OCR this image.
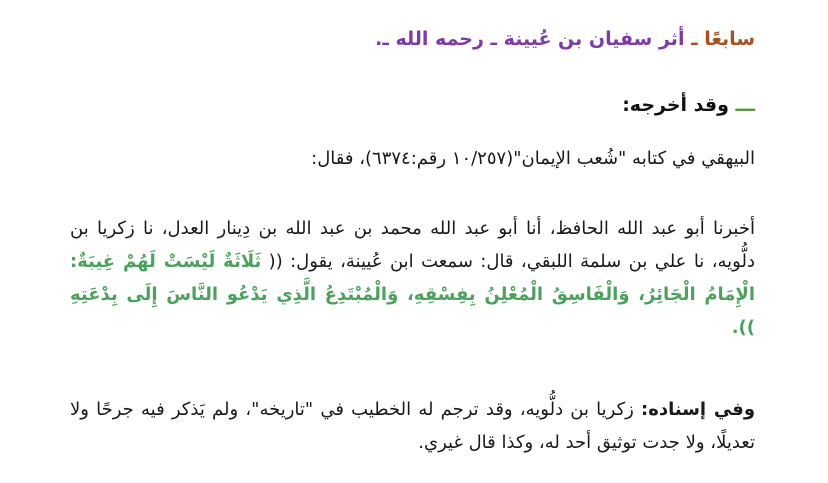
سابعًا ـ أثر سفيان بن عُيينة ـ رحمه الله ـ.
ـــ وقد أخرجه:
البيهقي في كتابه "شُعب الإيمان"(١٠/٢٥٧ رقم:٦٣٧٤)، فقال:
أخبرنا أبو عبد الله الحافظ، أنا أبو عبد الله محمد بن عبد الله بن دِينار العدل، نا زكريا بن دلُّويه، نا علي بن سلمة اللبقي، قال: سمعت ابن عُيينة، يقول: (( ثَلَاثَةٌ لَيْسَتْ لَهُمْ غِيبَةٌ: الْإِمَامُ الْجَائِرُ، وَالْفَاسِقُ الْمُعْلِنُ بِفِسْقِهِ، وَالْمُبْتَدِعُ الَّذِي يَدْعُو النَّاسَ إِلَى بِدْعَتِهِ )).
وفي إسناده: زكريا بن دلُّويه، وقد ترجم له الخطيب في "تاريخه"، ولم يَذكر فيه جرحًا ولا تعديلًا، ولا جدت توثيق أحد له، وكذا قال غيري.
